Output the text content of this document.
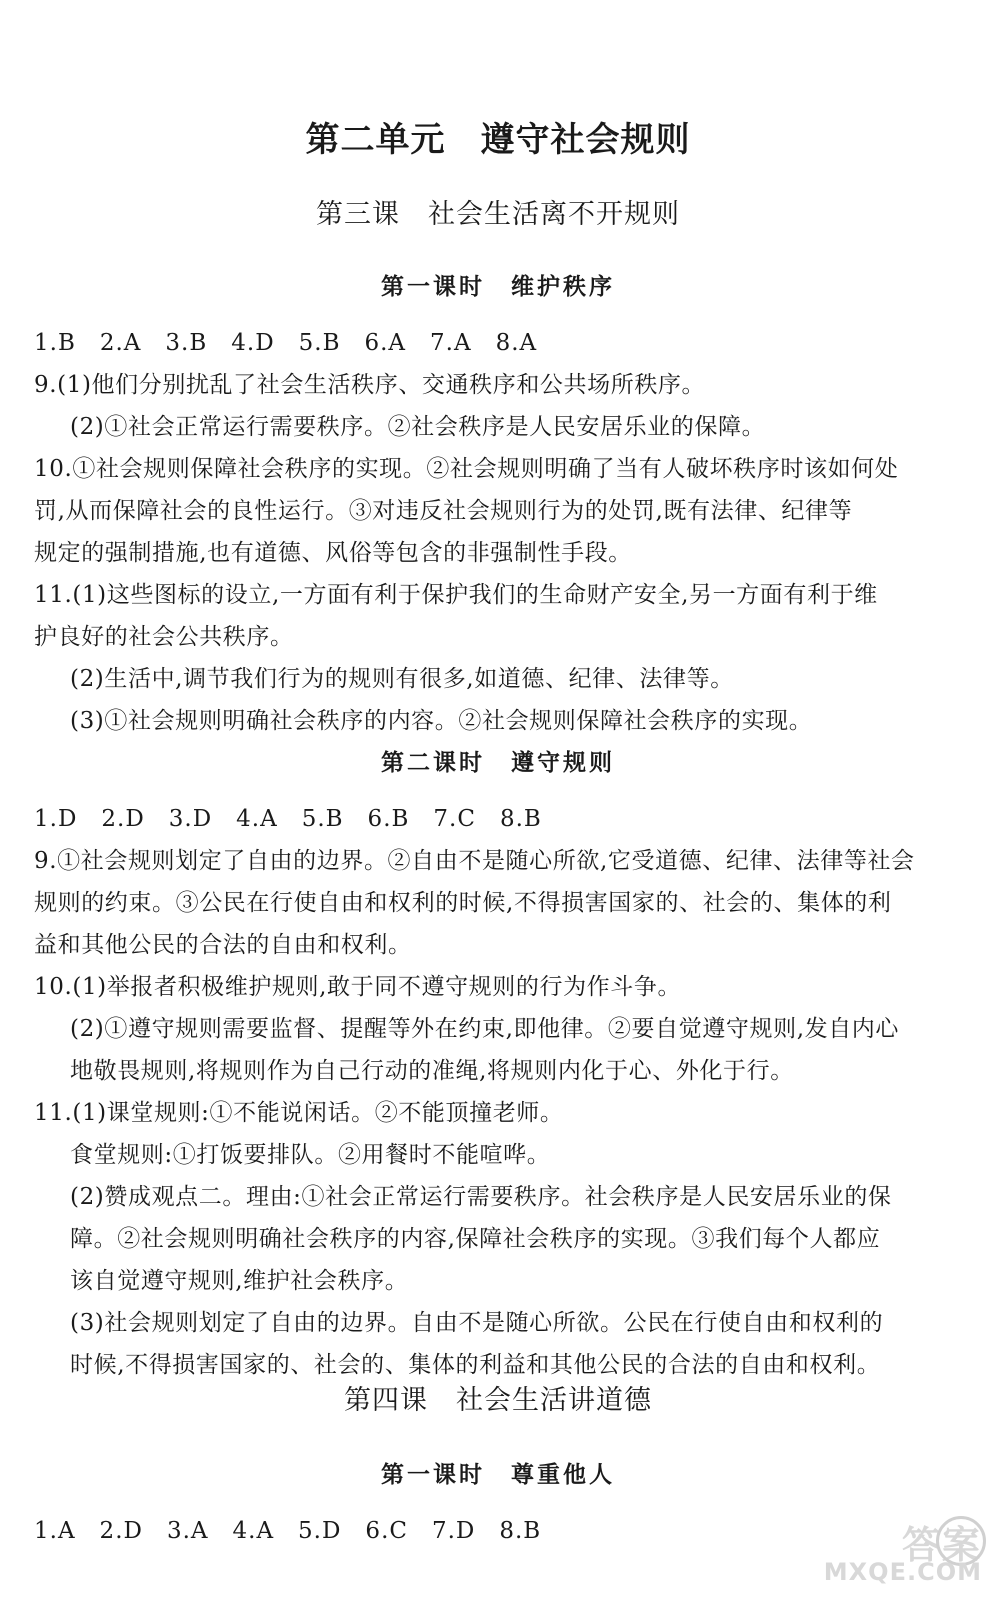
第二单元　遵守社会规则
第三课　社会生活离不开规则
第一课时　维护秩序
1.B　2.A　3.B　4.D　5.B　6.A　7.A　8.A
9.(1)他们分别扰乱了社会生活秩序、交通秩序和公共场所秩序。
(2)①社会正常运行需要秩序。②社会秩序是人民安居乐业的保障。
10.①社会规则保障社会秩序的实现。②社会规则明确了当有人破坏秩序时该如何处
罚,从而保障社会的良性运行。③对违反社会规则行为的处罚,既有法律、纪律等
规定的强制措施,也有道德、风俗等包含的非强制性手段。
11.(1)这些图标的设立,一方面有利于保护我们的生命财产安全,另一方面有利于维
护良好的社会公共秩序。
(2)生活中,调节我们行为的规则有很多,如道德、纪律、法律等。
(3)①社会规则明确社会秩序的内容。②社会规则保障社会秩序的实现。
第二课时　遵守规则
1.D　2.D　3.D　4.A　5.B　6.B　7.C　8.B
9.①社会规则划定了自由的边界。②自由不是随心所欲,它受道德、纪律、法律等社会
规则的约束。③公民在行使自由和权利的时候,不得损害国家的、社会的、集体的利
益和其他公民的合法的自由和权利。
10.(1)举报者积极维护规则,敢于同不遵守规则的行为作斗争。
(2)①遵守规则需要监督、提醒等外在约束,即他律。②要自觉遵守规则,发自内心
地敬畏规则,将规则作为自己行动的准绳,将规则内化于心、外化于行。
11.(1)课堂规则:①不能说闲话。②不能顶撞老师。
食堂规则:①打饭要排队。②用餐时不能喧哗。
(2)赞成观点二。理由:①社会正常运行需要秩序。社会秩序是人民安居乐业的保
障。②社会规则明确社会秩序的内容,保障社会秩序的实现。③我们每个人都应
该自觉遵守规则,维护社会秩序。
(3)社会规则划定了自由的边界。自由不是随心所欲。公民在行使自由和权利的
时候,不得损害国家的、社会的、集体的利益和其他公民的合法的自由和权利。
第四课　社会生活讲道德
第一课时　尊重他人
1.A　2.D　3.A　4.A　5.D　6.C　7.D　8.B	答案
MXQE.COM
